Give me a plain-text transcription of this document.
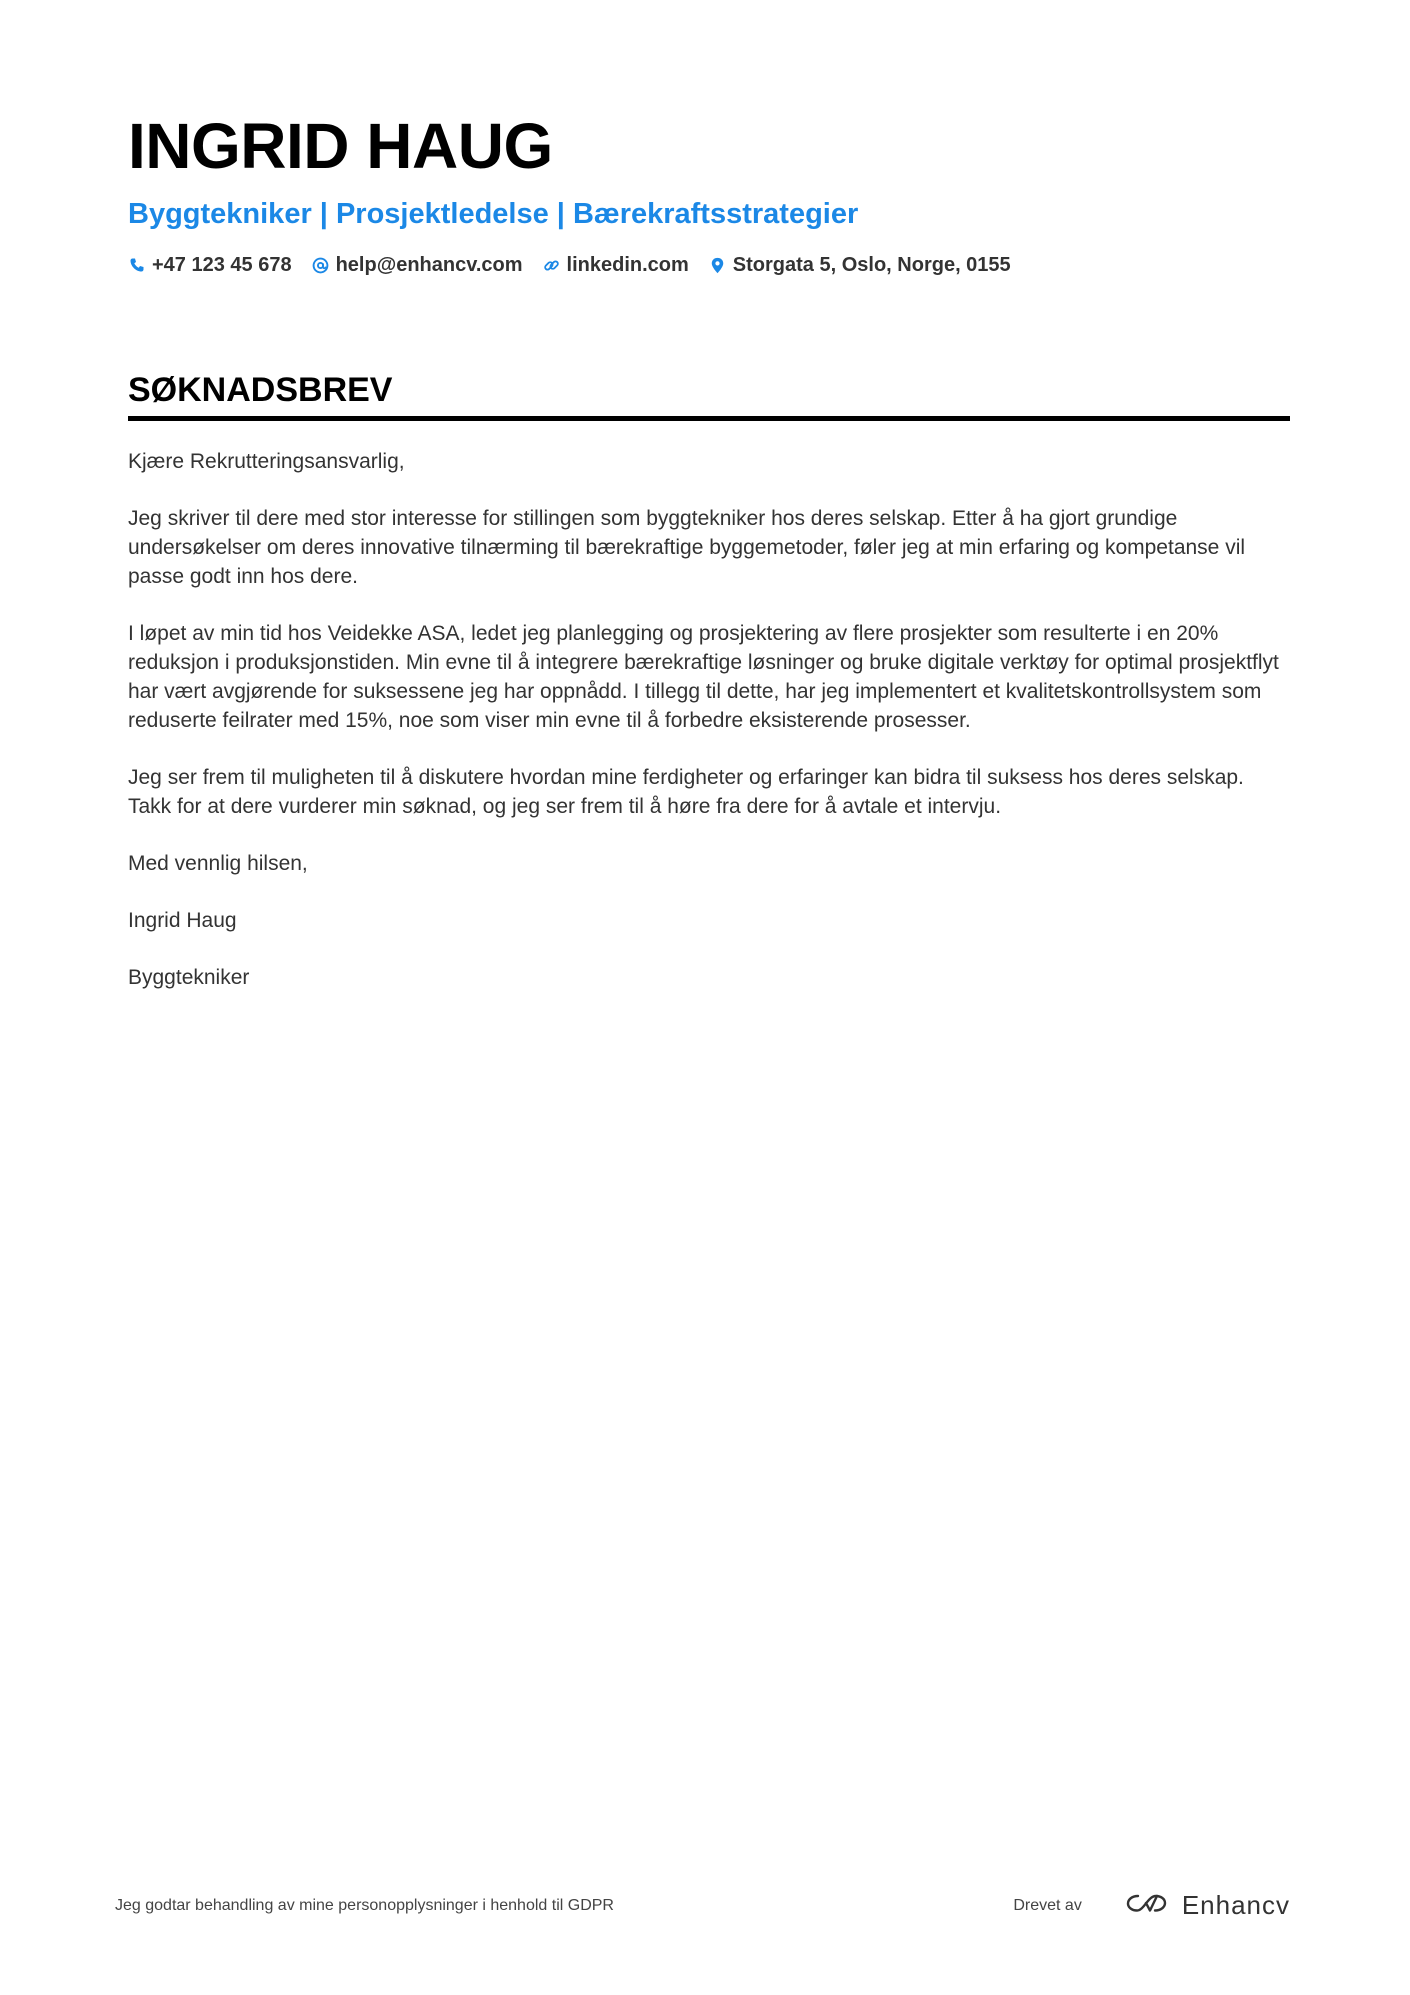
INGRID HAUG
Byggtekniker | Prosjektledelse | Bærekraftsstrategier
+47 123 45 678 help@enhancv.com linkedin.com Storgata 5, Oslo, Norge, 0155
SØKNADSBREV

Kjære Rekrutteringsansvarlig,

Jeg skriver til dere med stor interesse for stillingen som byggtekniker hos deres selskap. Etter å ha gjort grundige undersøkelser om deres innovative tilnærming til bærekraftige byggemetoder, føler jeg at min erfaring og kompetanse vil passe godt inn hos dere.

I løpet av min tid hos Veidekke ASA, ledet jeg planlegging og prosjektering av flere prosjekter som resulterte i en 20% reduksjon i produksjonstiden. Min evne til å integrere bærekraftige løsninger og bruke digitale verktøy for optimal prosjektflyt har vært avgjørende for suksessene jeg har oppnådd. I tillegg til dette, har jeg implementert et kvalitetskontrollsystem som reduserte feilrater med 15%, noe som viser min evne til å forbedre eksisterende prosesser.

Jeg ser frem til muligheten til å diskutere hvordan mine ferdigheter og erfaringer kan bidra til suksess hos deres selskap. Takk for at dere vurderer min søknad, og jeg ser frem til å høre fra dere for å avtale et intervju.

Med vennlig hilsen,

Ingrid Haug

Byggtekniker

Jeg godtar behandling av mine personopplysninger i henhold til GDPR	Drevet av	Enhancv
